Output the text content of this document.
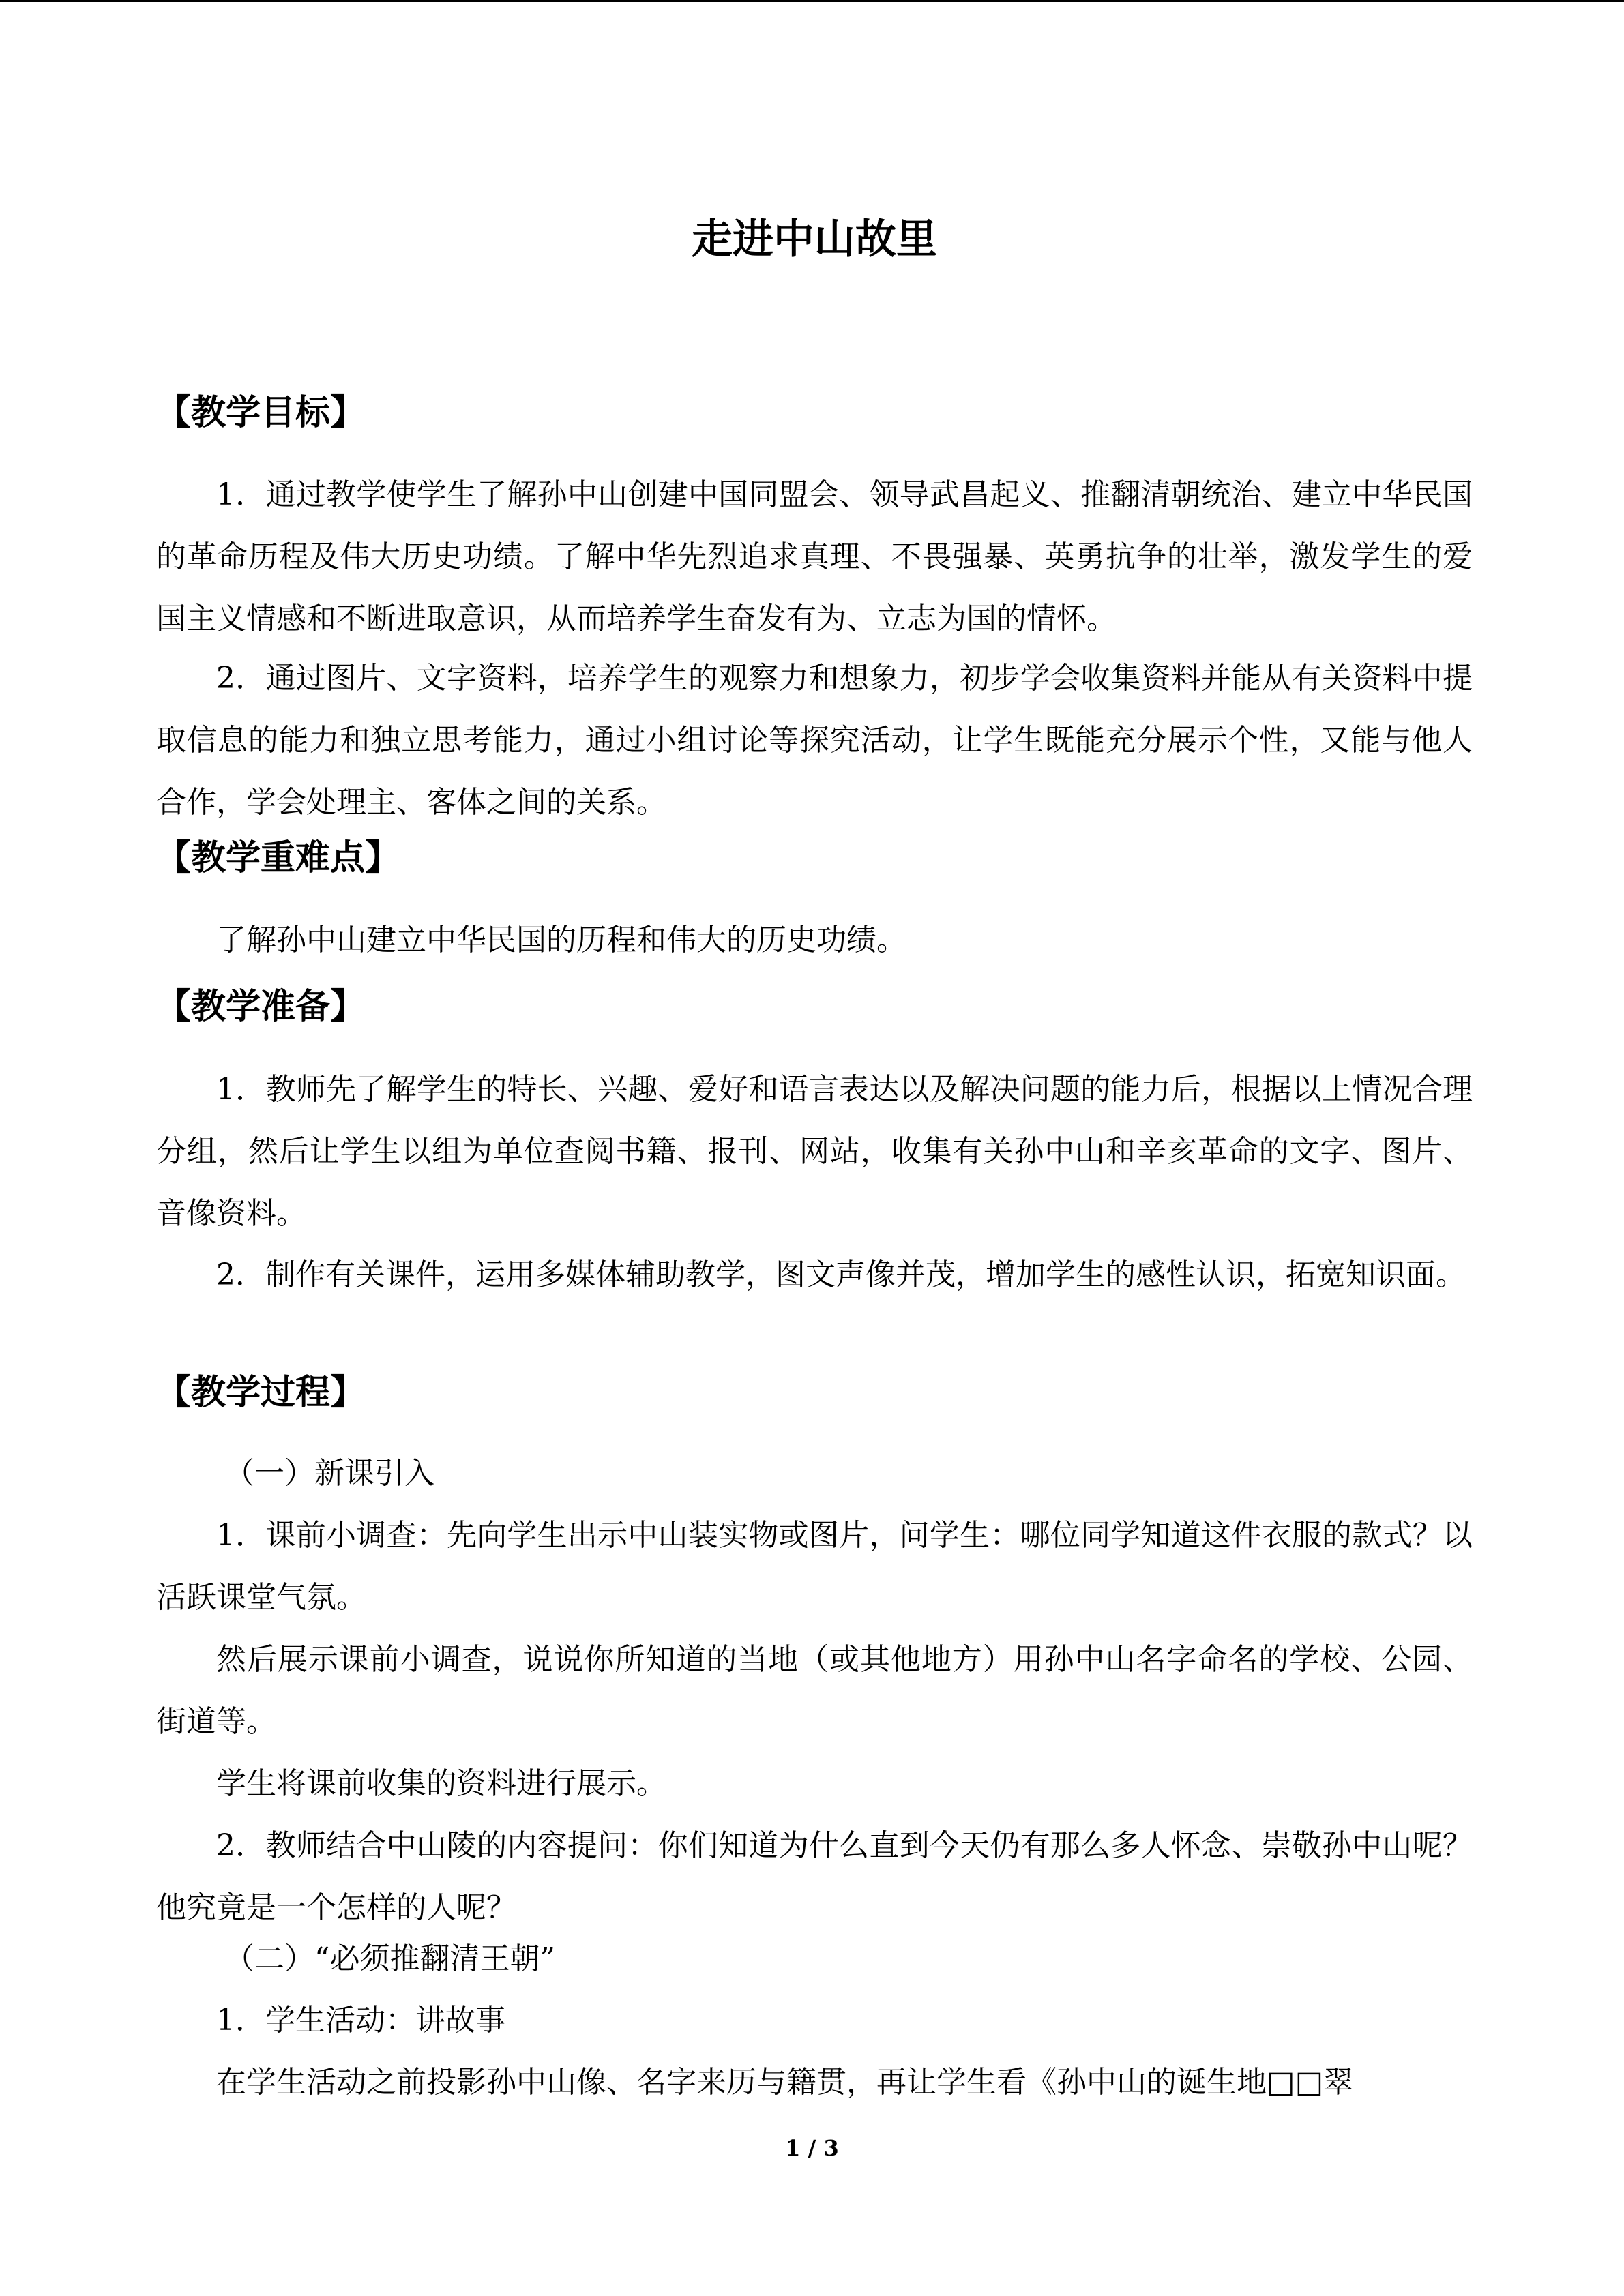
走进中山故里
【教学目标】
1．通过教学使学生了解孙中山创建中国同盟会、领导武昌起义、推翻清朝统治、建立中华民国的革命历程及伟大历史功绩。了解中华先烈追求真理、不畏强暴、英勇抗争的壮举，激发学生的爱国主义情感和不断进取意识，从而培养学生奋发有为、立志为国的情怀。
2．通过图片、文字资料，培养学生的观察力和想象力，初步学会收集资料并能从有关资料中提取信息的能力和独立思考能力，通过小组讨论等探究活动，让学生既能充分展示个性，又能与他人合作，学会处理主、客体之间的关系。
【教学重难点】
了解孙中山建立中华民国的历程和伟大的历史功绩。
【教学准备】
1．教师先了解学生的特长、兴趣、爱好和语言表达以及解决问题的能力后，根据以上情况合理分组，然后让学生以组为单位查阅书籍、报刊、网站，收集有关孙中山和辛亥革命的文字、图片、音像资料。
2．制作有关课件，运用多媒体辅助教学，图文声像并茂，增加学生的感性认识，拓宽知识面。
【教学过程】
（一）新课引入
1．课前小调查：先向学生出示中山装实物或图片，问学生：哪位同学知道这件衣服的款式？以活跃课堂气氛。
然后展示课前小调查，说说你所知道的当地（或其他地方）用孙中山名字命名的学校、公园、街道等。
学生将课前收集的资料进行展示。
2．教师结合中山陵的内容提问：你们知道为什么直到今天仍有那么多人怀念、崇敬孙中山呢？他究竟是一个怎样的人呢？
（二）“必须推翻清王朝”
1．学生活动：讲故事
在学生活动之前投影孙中山像、名字来历与籍贯，再让学生看《孙中山的诞生地□□翠
1 / 3
